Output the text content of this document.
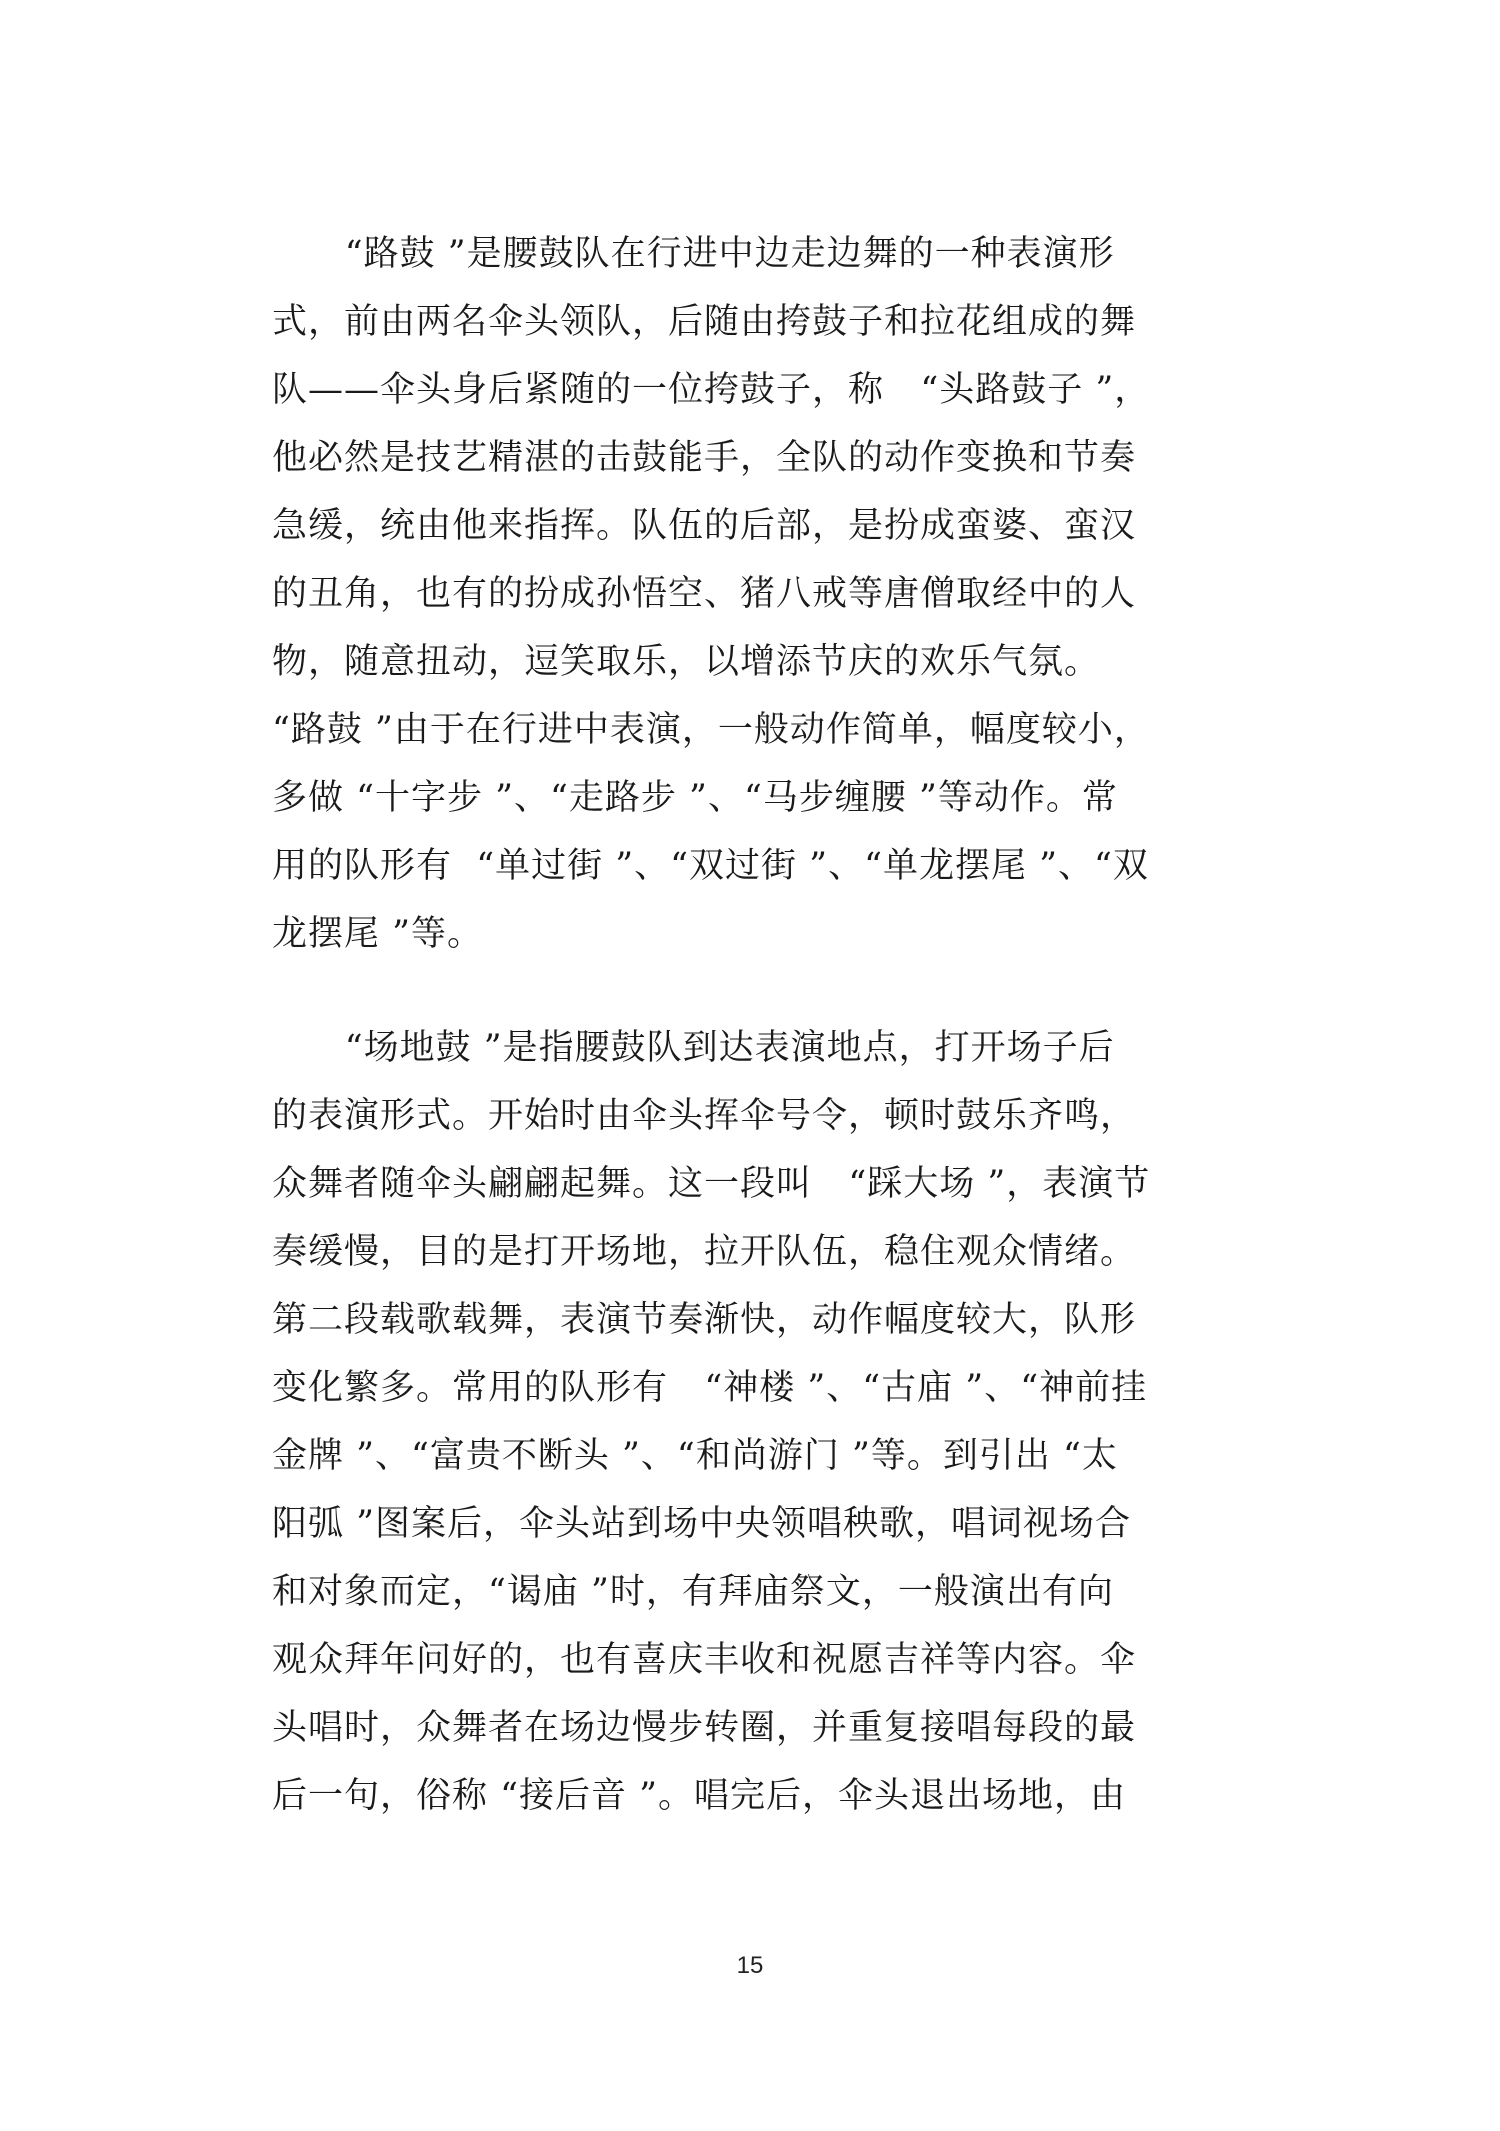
“路鼓 ”是腰鼓队在行进中边走边舞的一种表演形
式，前由两名伞头领队，后随由挎鼓子和拉花组成的舞
队——伞头身后紧随的一位挎鼓子，称   “头路鼓子 ”，
他必然是技艺精湛的击鼓能手，全队的动作变换和节奏
急缓，统由他来指挥。队伍的后部，是扮成蛮婆、蛮汉
的丑角，也有的扮成孙悟空、猪八戒等唐僧取经中的人
物，随意扭动，逗笑取乐，以增添节庆的欢乐气氛。
“路鼓 ”由于在行进中表演，一般动作简单，幅度较小，
多做 “十字步 ”、“走路步 ”、“马步缠腰 ”等动作。常
用的队形有  “单过街 ”、“双过街 ”、“单龙摆尾 ”、“双
龙摆尾 ”等。
“场地鼓 ”是指腰鼓队到达表演地点，打开场子后
的表演形式。开始时由伞头挥伞号令，顿时鼓乐齐鸣，
众舞者随伞头翩翩起舞。这一段叫   “踩大场 ”，表演节
奏缓慢，目的是打开场地，拉开队伍，稳住观众情绪。
第二段载歌载舞，表演节奏渐快，动作幅度较大，队形
变化繁多。常用的队形有   “神楼 ”、“古庙 ”、“神前挂
金牌 ”、“富贵不断头 ”、“和尚游门 ”等。到引出 “太
阳弧 ”图案后，伞头站到场中央领唱秧歌，唱词视场合
和对象而定，“谒庙 ”时，有拜庙祭文，一般演出有向
观众拜年问好的，也有喜庆丰收和祝愿吉祥等内容。伞
头唱时，众舞者在场边慢步转圈，并重复接唱每段的最
后一句，俗称 “接后音 ”。唱完后，伞头退出场地，由
15
